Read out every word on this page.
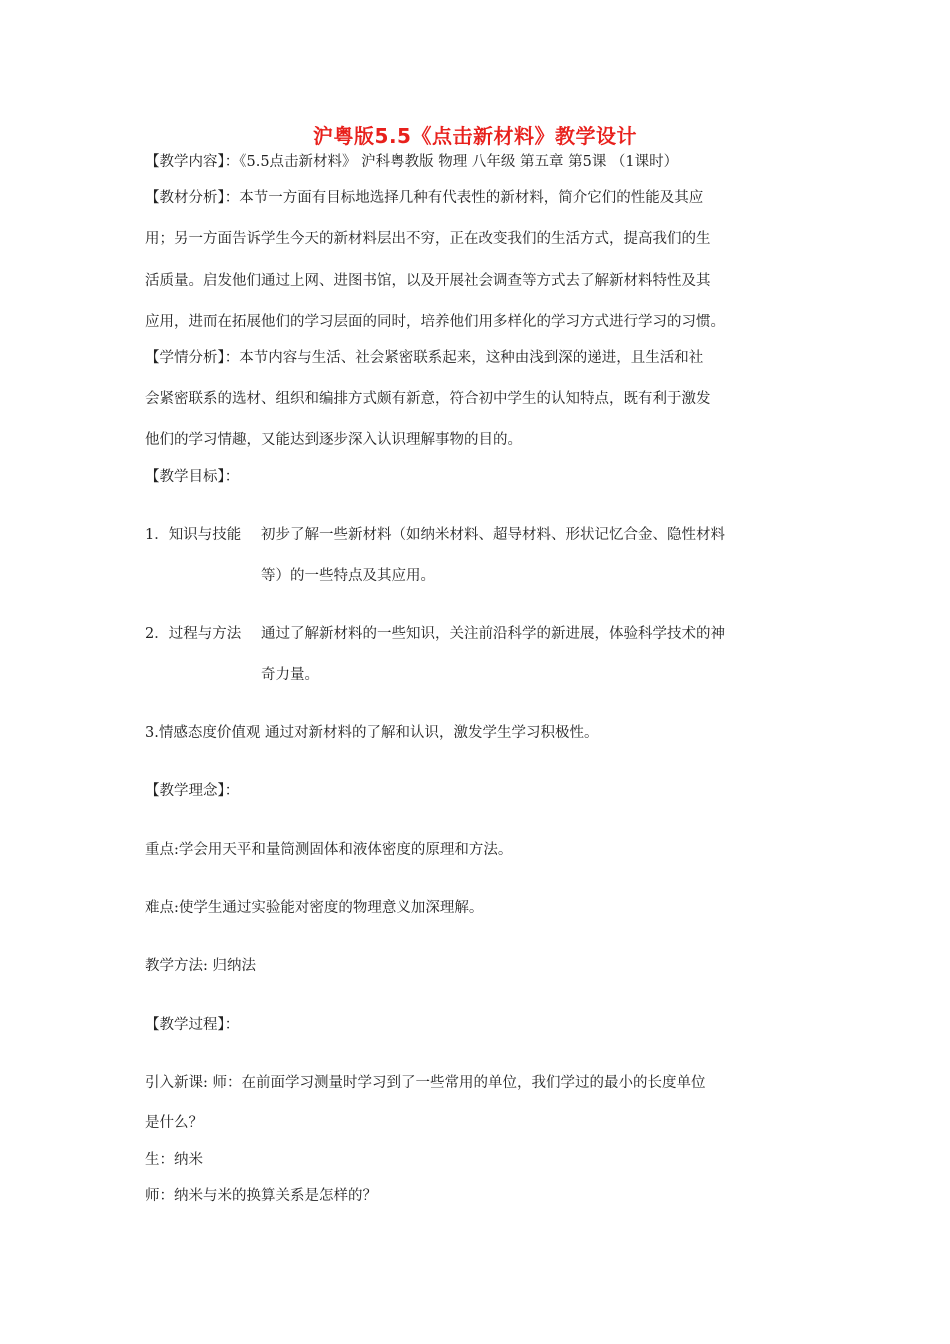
沪粤版5.5《点击新材料》教学设计
【教学内容】：《5.5点击新材料》 沪科粤教版 物理 八年级 第五章 第5课 （1课时）
【教材分析】：本节一方面有目标地选择几种有代表性的新材料，简介它们的性能及其应
用；另一方面告诉学生今天的新材料层出不穷，正在改变我们的生活方式，提高我们的生
活质量。启发他们通过上网、进图书馆，以及开展社会调查等方式去了解新材料特性及其
应用，进而在拓展他们的学习层面的同时，培养他们用多样化的学习方式进行学习的习惯。
【学情分析】：本节内容与生活、社会紧密联系起来，这种由浅到深的递进，且生活和社
会紧密联系的选材、组织和编排方式颇有新意，符合初中学生的认知特点，既有利于激发
他们的学习情趣，又能达到逐步深入认识理解事物的目的。
【教学目标】：
1．知识与技能 初步了解一些新材料（如纳米材料、超导材料、形状记忆合金、隐性材料
等）的一些特点及其应用。
2．过程与方法 通过了解新材料的一些知识，关注前沿科学的新进展，体验科学技术的神
奇力量。
3.情感态度价值观 通过对新材料的了解和认识，激发学生学习积极性。
【教学理念】：
重点:学会用天平和量筒测固体和液体密度的原理和方法。
难点:使学生通过实验能对密度的物理意义加深理解。
教学方法: 归纳法
【教学过程】：
引入新课: 师：在前面学习测量时学习到了一些常用的单位，我们学过的最小的长度单位
是什么？
生：纳米
师：纳米与米的换算关系是怎样的？
